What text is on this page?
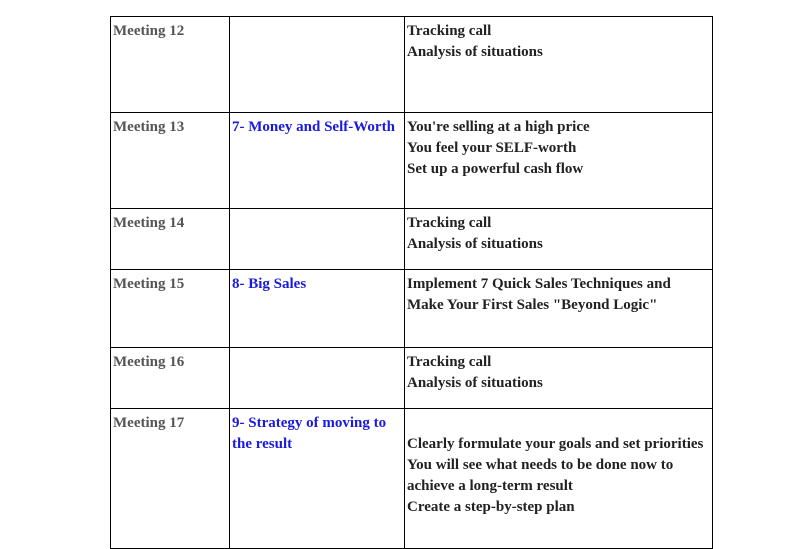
Meeting 12		Tracking call
Analysis of situations

Meeting 13	7- Money and Self-Worth	You're selling at a high price
You feel your SELF-worth
Set up a powerful cash flow

Meeting 14		Tracking call
Analysis of situations

Meeting 15	8- Big Sales	Implement 7 Quick Sales Techniques and
Make Your First Sales "Beyond Logic"

Meeting 16		Tracking call
Analysis of situations

Meeting 17	9- Strategy of moving to the result	Clearly formulate your goals and set priorities
You will see what needs to be done now to achieve a long-term result
Create a step-by-step plan
